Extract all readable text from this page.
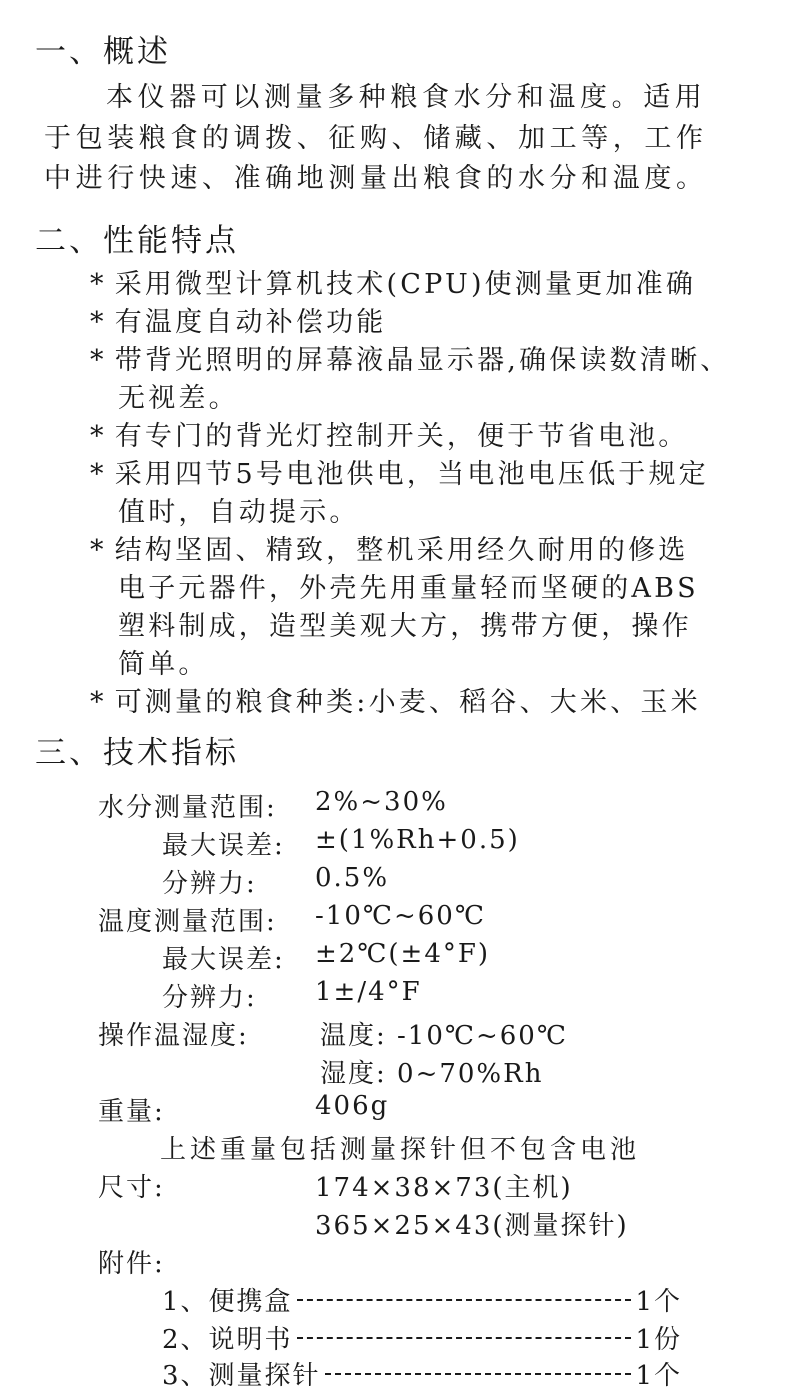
一、概述
本仪器可以测量多种粮食水分和温度。适用
于包装粮食的调拨、征购、储藏、加工等，工作
中进行快速、准确地测量出粮食的水分和温度。
二、性能特点
* 采用微型计算机技术(CPU)使测量更加准确
* 有温度自动补偿功能
* 带背光照明的屏幕液晶显示器,确保读数清晰、
无视差。
* 有专门的背光灯控制开关，便于节省电池。
* 采用四节5号电池供电，当电池电压低于规定
值时，自动提示。
* 结构坚固、精致，整机采用经久耐用的修选
电子元器件，外壳先用重量轻而坚硬的ABS
塑料制成，造型美观大方，携带方便，操作
简单。
* 可测量的粮食种类:小麦、稻谷、大米、玉米
三、技术指标
水分测量范围: 2%~30%
最大误差: ±(1%Rh+0.5)
分辨力: 0.5%
温度测量范围: -10℃~60℃
最大误差: ±2℃(±4°F)
分辨力: 1±/4°F
操作温湿度:	温度: -10℃~60℃
湿度: 0~70%Rh
重量:	406g
上述重量包括测量探针但不包含电池
尺寸:	174×38×73(主机)
365×25×43(测量探针)
附件:
1、便携盒	1个
2、说明书	1份
3、测量探针	1个
